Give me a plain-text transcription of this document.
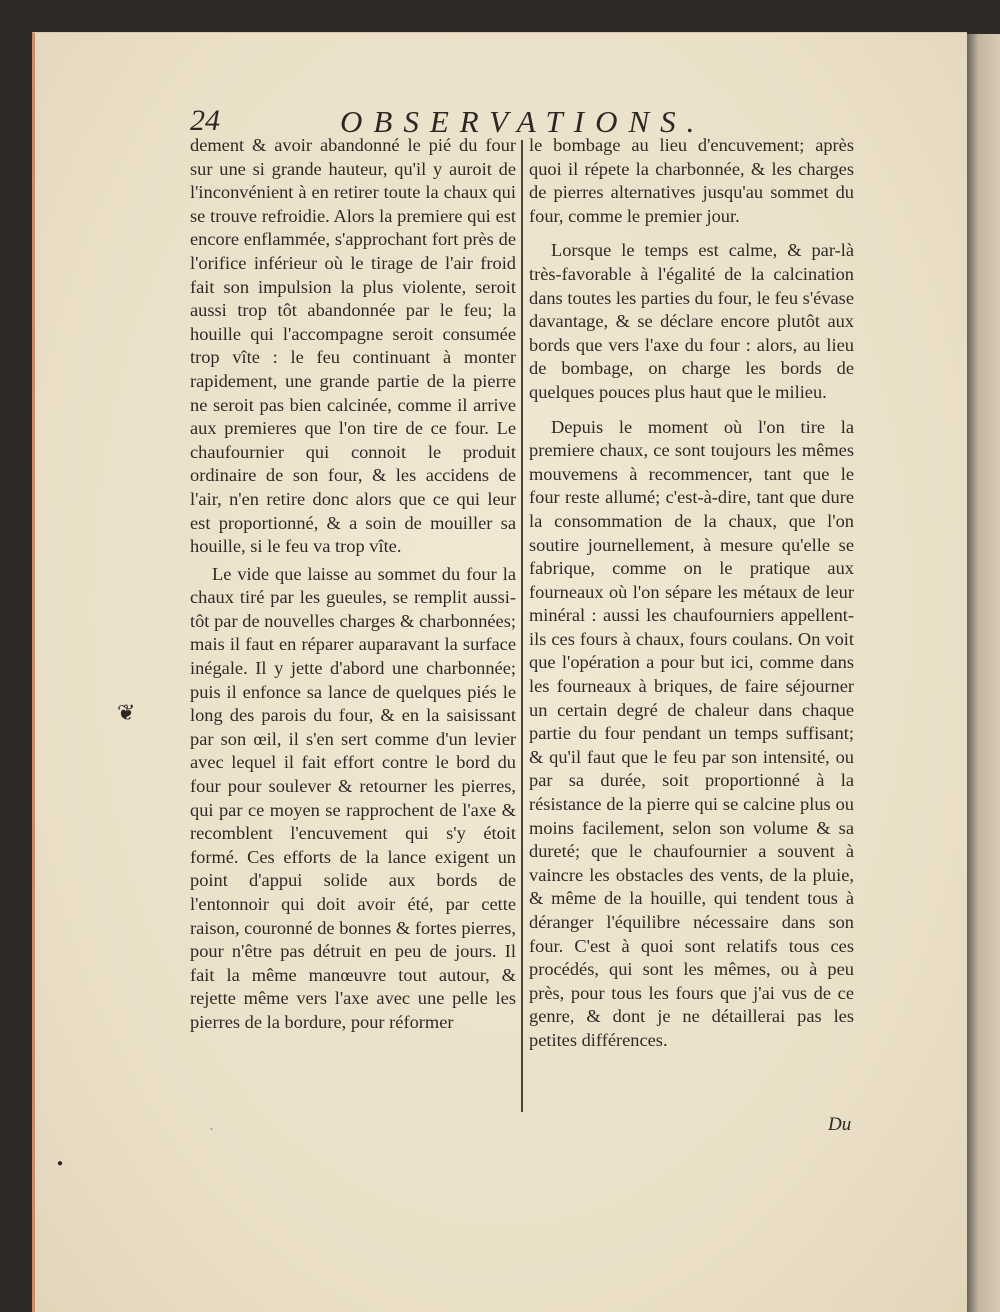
24	OBSERVATIONS.

dement & avoir abandonné le pié du four sur une si grande hauteur, qu'il y auroit de l'inconvénient à en retirer toute la chaux qui se trouve refroidie. Alors la premiere qui est encore enflammée, s'approchant fort près de l'orifice inférieur où le tirage de l'air froid fait son impulsion la plus violente, seroit aussi trop tôt abandonnée par le feu; la houille qui l'accompagne seroit consumée trop vîte : le feu continuant à monter rapidement, une grande partie de la pierre ne seroit pas bien calcinée, comme il arrive aux premieres que l'on tire de ce four. Le chaufournier qui connoit le produit ordinaire de son four, & les accidens de l'air, n'en retire donc alors que ce qui leur est proportionné, & a soin de mouiller sa houille, si le feu va trop vîte.

Le vide que laisse au sommet du four la chaux tiré par les gueules, se remplit aussi-tôt par de nouvelles charges & charbonnées; mais il faut en réparer auparavant la surface inégale. Il y jette d'abord une charbonnée; puis il enfonce sa lance de quelques piés le long des parois du four, & en la saisissant par son œil, il s'en sert comme d'un levier avec lequel il fait effort contre le bord du four pour soulever & retourner les pierres, qui par ce moyen se rapprochent de l'axe & recomblent l'encuvement qui s'y étoit formé. Ces efforts de la lance exigent un point d'appui solide aux bords de l'entonnoir qui doit avoir été, par cette raison, couronné de bonnes & fortes pierres, pour n'être pas détruit en peu de jours. Il fait la même manœuvre tout autour, & rejette même vers l'axe avec une pelle les pierres de la bordure, pour réformer

le bombage au lieu d'encuvement; après quoi il répete la charbonnée, & les charges de pierres alternatives jusqu'au sommet du four, comme le premier jour.

Lorsque le temps est calme, & par-là très-favorable à l'égalité de la calcination dans toutes les parties du four, le feu s'évase davantage, & se déclare encore plutôt aux bords que vers l'axe du four : alors, au lieu de bombage, on charge les bords de quelques pouces plus haut que le milieu.

Depuis le moment où l'on tire la premiere chaux, ce sont toujours les mêmes mouvemens à recommencer, tant que le four reste allumé; c'est-à-dire, tant que dure la consommation de la chaux, que l'on soutire journellement, à mesure qu'elle se fabrique, comme on le pratique aux fourneaux où l'on sépare les métaux de leur minéral : aussi les chaufourniers appellent-ils ces fours à chaux, fours coulans. On voit que l'opération a pour but ici, comme dans les fourneaux à briques, de faire séjourner un certain degré de chaleur dans chaque partie du four pendant un temps suffisant; & qu'il faut que le feu par son intensité, ou par sa durée, soit proportionné à la résistance de la pierre qui se calcine plus ou moins facilement, selon son volume & sa dureté; que le chaufournier a souvent à vaincre les obstacles des vents, de la pluie, & même de la houille, qui tendent tous à déranger l'équilibre nécessaire dans son four. C'est à quoi sont relatifs tous ces procédés, qui sont les mêmes, ou à peu près, pour tous les fours que j'ai vus de ce genre, & dont je ne détaillerai pas les petites différences.

Du
❦
●
ˋ
